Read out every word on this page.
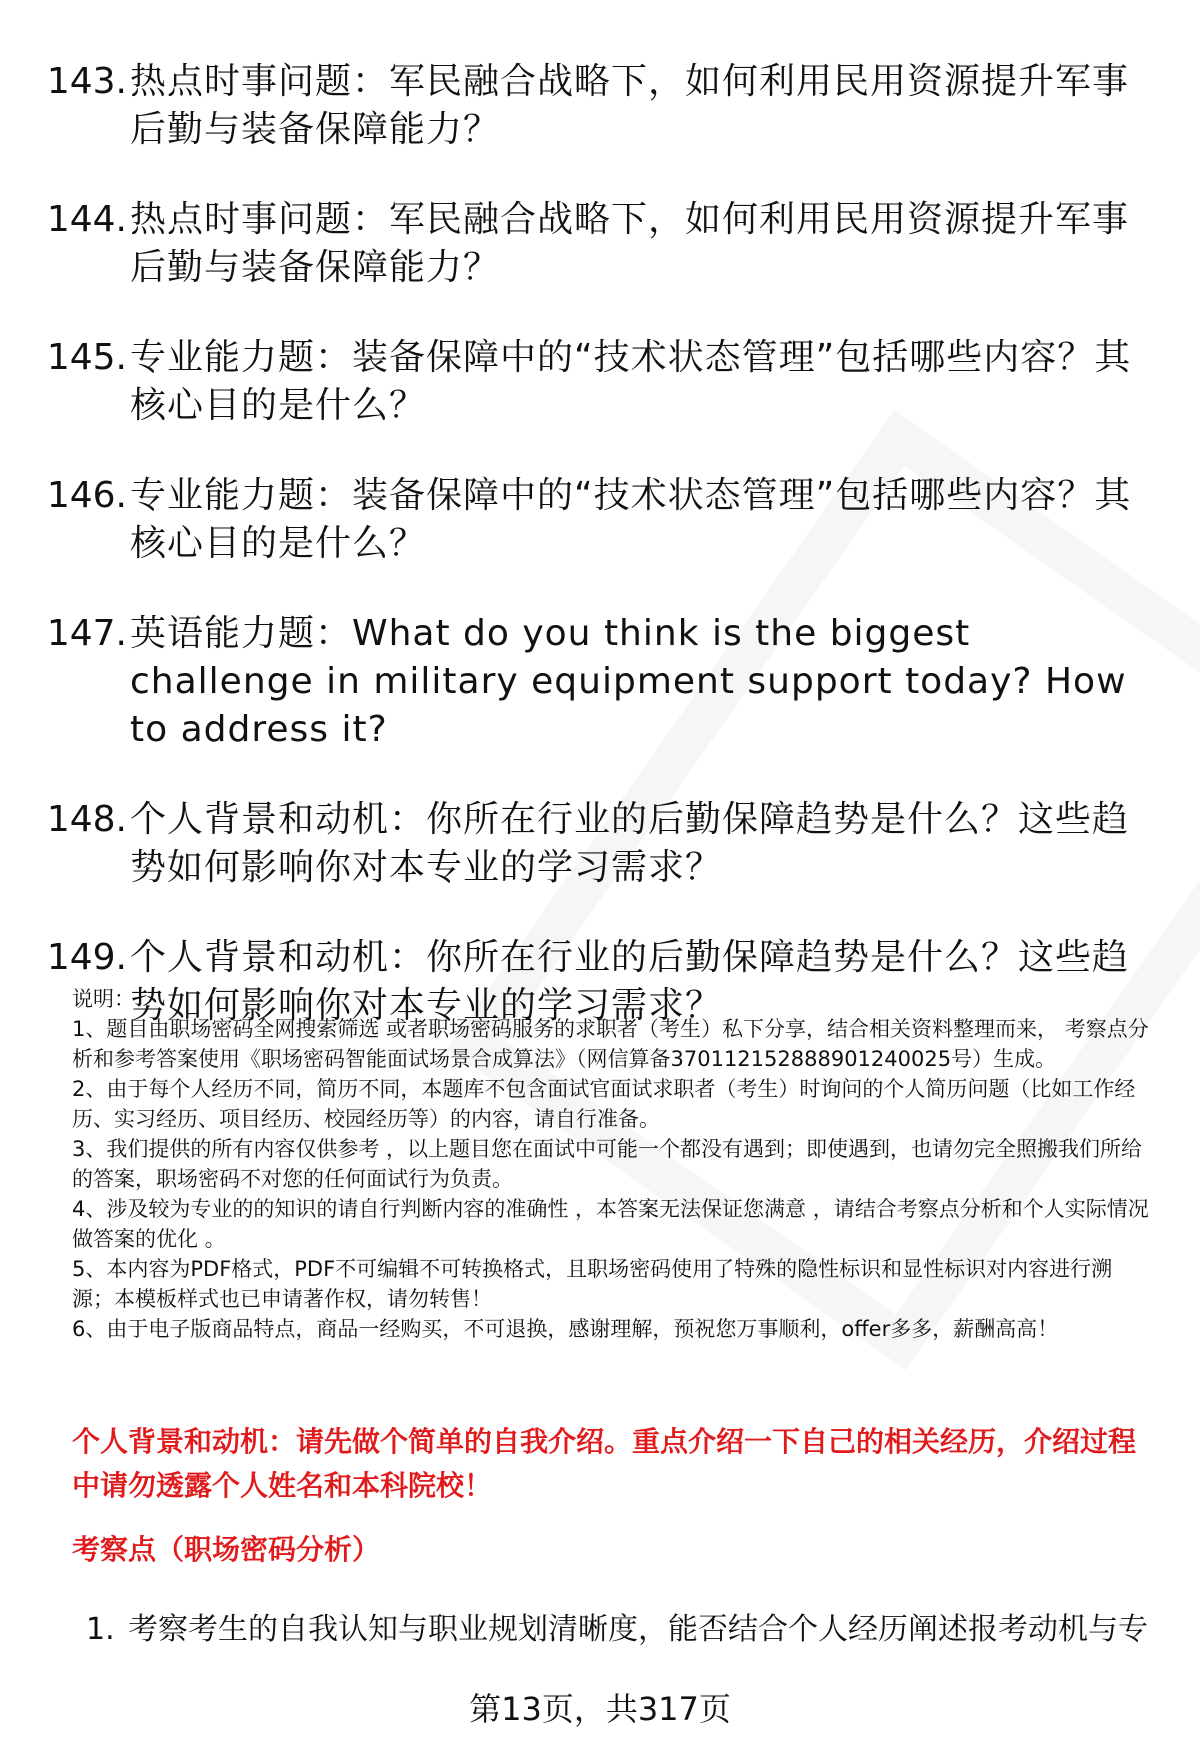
143. 热点时事问题：军民融合战略下，如何利用民用资源提升军事后勤与装备保障能力？
144. 热点时事问题：军民融合战略下，如何利用民用资源提升军事后勤与装备保障能力？
145. 专业能力题：装备保障中的“技术状态管理”包括哪些内容？其核心目的是什么？
146. 专业能力题：装备保障中的“技术状态管理”包括哪些内容？其核心目的是什么？
147. 英语能力题：What do you think is the biggest challenge in military equipment support today? How to address it?
148. 个人背景和动机：你所在行业的后勤保障趋势是什么？这些趋势如何影响你对本专业的学习需求？
149. 个人背景和动机：你所在行业的后勤保障趋势是什么？这些趋势如何影响你对本专业的学习需求？

说明：

1、题目由职场密码全网搜索筛选 或者职场密码服务的求职者（考生）私下分享，结合相关资料整理而来， 考察点分析和参考答案使用《职场密码智能面试场景合成算法》（网信算备370112152888901240025号）生成。

2、由于每个人经历不同，简历不同，本题库不包含面试官面试求职者（考生）时询问的个人简历问题（比如工作经历、实习经历、项目经历、校园经历等）的内容，请自行准备。

3、我们提供的所有内容仅供参考 ，以上题目您在面试中可能一个都没有遇到；即使遇到，也请勿完全照搬我们所给的答案，职场密码不对您的任何面试行为负责。

4、涉及较为专业的的知识的请自行判断内容的准确性 ，本答案无法保证您满意 ，请结合考察点分析和个人实际情况做答案的优化 。

5、本内容为PDF格式，PDF不可编辑不可转换格式，且职场密码使用了特殊的隐性标识和显性标识对内容进行溯源；本模板样式也已申请著作权，请勿转售！

6、由于电子版商品特点，商品一经购买，不可退换，感谢理解，预祝您万事顺利，offer多多，薪酬高高！

个人背景和动机：请先做个简单的自我介绍。重点介绍一下自己的相关经历，介绍过程中请勿透露个人姓名和本科院校！
考察点（职场密码分析）
1. 考察考生的自我认知与职业规划清晰度，能否结合个人经历阐述报考动机与专
第13页，共317页
